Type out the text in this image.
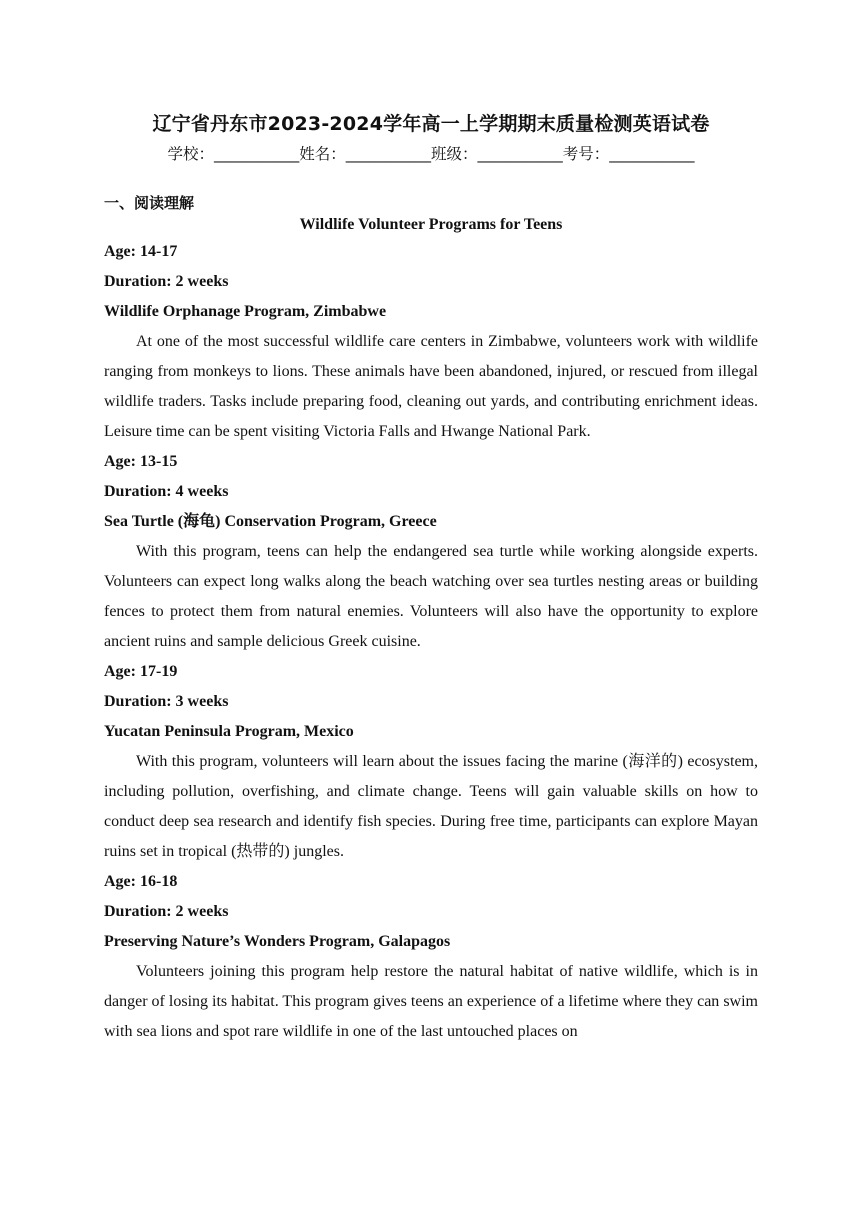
辽宁省丹东市2023-2024学年高一上学期期末质量检测英语试卷

学校：___________姓名：___________班级：___________考号：___________

一、阅读理解

Wildlife Volunteer Programs for Teens

Age: 14-17

Duration: 2 weeks

Wildlife Orphanage Program, Zimbabwe

At one of the most successful wildlife care centers in Zimbabwe, volunteers work with wildlife ranging from monkeys to lions. These animals have been abandoned, injured, or rescued from illegal wildlife traders. Tasks include preparing food, cleaning out yards, and contributing enrichment ideas. Leisure time can be spent visiting Victoria Falls and Hwange National Park.

Age: 13-15

Duration: 4 weeks

Sea Turtle (海龟) Conservation Program, Greece

With this program, teens can help the endangered sea turtle while working alongside experts. Volunteers can expect long walks along the beach watching over sea turtles nesting areas or building fences to protect them from natural enemies. Volunteers will also have the opportunity to explore ancient ruins and sample delicious Greek cuisine.

Age: 17-19

Duration: 3 weeks

Yucatan Peninsula Program, Mexico

With this program, volunteers will learn about the issues facing the marine (海洋的) ecosystem, including pollution, overfishing, and climate change. Teens will gain valuable skills on how to conduct deep sea research and identify fish species. During free time, participants can explore Mayan ruins set in tropical (热带的) jungles.

Age: 16-18

Duration: 2 weeks

Preserving Nature’s Wonders Program, Galapagos

Volunteers joining this program help restore the natural habitat of native wildlife, which is in danger of losing its habitat. This program gives teens an experience of a lifetime where they can swim with sea lions and spot rare wildlife in one of the last untouched places on
